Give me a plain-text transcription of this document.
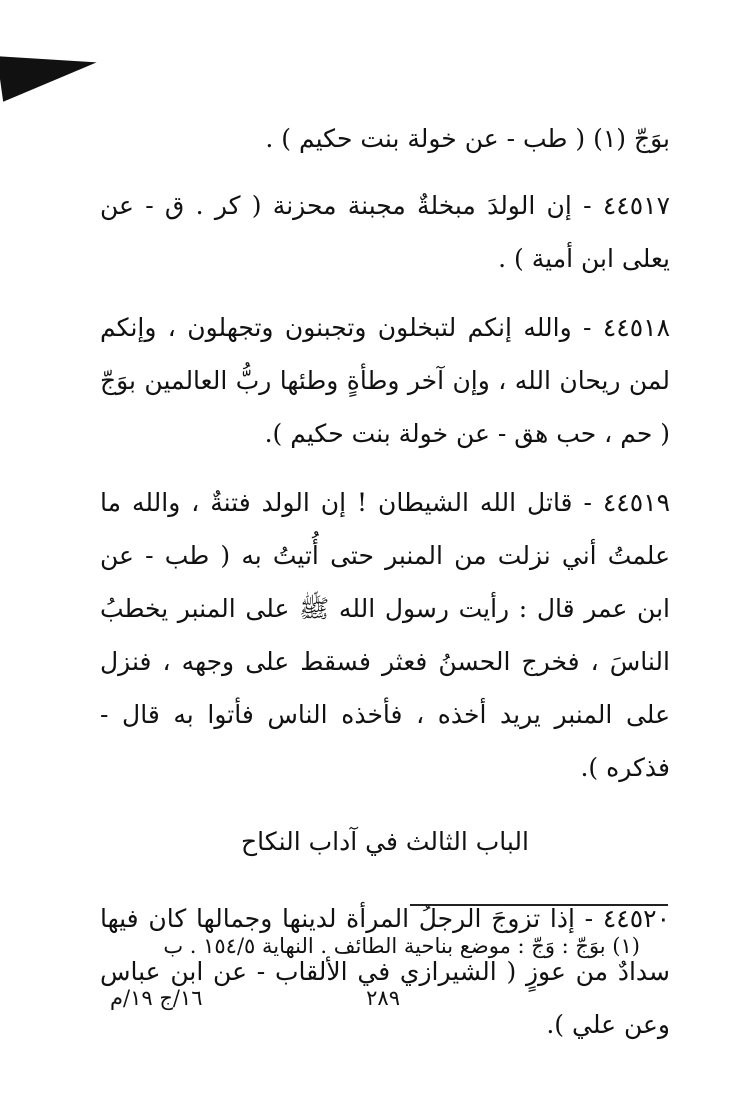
بوَجّ (١) ( طب - عن خولة بنت حكيم ) .

٤٤٥١٧ - إن الولدَ مبخلةٌ مجبنة محزنة ( كر . ق - عن يعلى ابن أمية ) .

٤٤٥١٨ - والله إنكم لتبخلون وتجبنون وتجهلون ، وإنكم لمن ريحان الله ، وإن آخر وطأةٍ وطئها ربُّ العالمين بوَجّ ( حم ، حب هق - عن خولة بنت حكيم ).

٤٤٥١٩ - قاتل الله الشيطان ! إن الولد فتنةٌ ، والله ما علمتُ أني نزلت من المنبر حتى أُتيتُ به ( طب - عن ابن عمر قال : رأيت رسول الله ﷺ على المنبر يخطبُ الناسَ ، فخرج الحسنُ فعثر فسقط على وجهه ، فنزل على المنبر يريد أخذه ، فأخذه الناس فأتوا به قال - فذكره ).

الباب الثالث في آداب النكاح

٤٤٥٢٠ - إذا تزوجَ الرجلُ المرأة لدينها وجمالها كان فيها سدادٌ من عوزٍ ( الشيرازي في الألقاب - عن ابن عباس وعن علي ).

(١) بوَجّ : وَجّ : موضع بناحية الطائف . النهاية ١٥٤/٥ . ب
٢٨٩
١٦/ج ١٩/م
